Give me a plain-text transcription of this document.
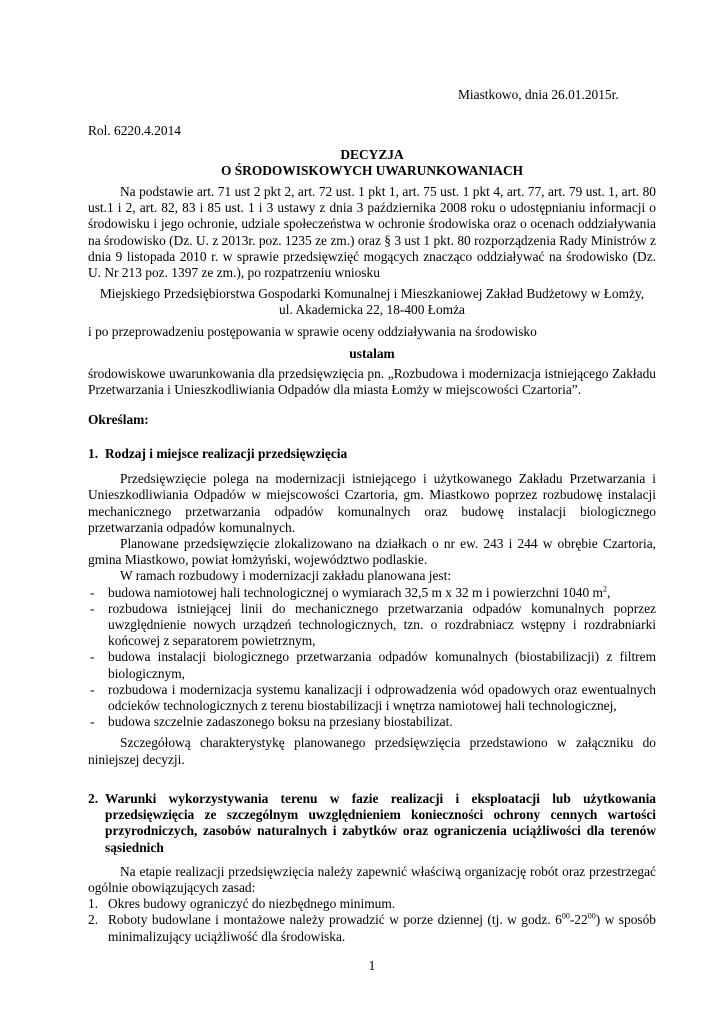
Miastkowo, dnia 26.01.2015r.

Rol. 6220.4.2014

DECYZJA

O ŚRODOWISKOWYCH UWARUNKOWANIACH

Na podstawie art. 71 ust 2 pkt 2, art. 72 ust. 1 pkt 1, art. 75 ust. 1 pkt 4, art. 77, art. 79 ust. 1, art. 80 ust.1 i 2, art. 82, 83 i 85 ust. 1 i 3 ustawy z dnia 3 października 2008 roku o udostępnianiu informacji o środowisku i jego ochronie, udziale społeczeństwa w ochronie środowiska oraz o ocenach oddziaływania na środowisko (Dz. U. z 2013r. poz. 1235 ze zm.) oraz § 3 ust 1 pkt. 80 rozporządzenia Rady Ministrów z dnia 9 listopada 2010 r. w sprawie przedsięwzięć mogących znacząco oddziaływać na środowisko (Dz. U. Nr 213 poz. 1397 ze zm.), po rozpatrzeniu wniosku

Miejskiego Przedsiębiorstwa Gospodarki Komunalnej i Mieszkaniowej Zakład Budżetowy w Łomży,

ul. Akademicka 22, 18-400 Łomża

i po przeprowadzeniu postępowania w sprawie oceny oddziaływania na środowisko

ustalam

środowiskowe uwarunkowania dla przedsięwzięcia pn. „Rozbudowa i modernizacja istniejącego Zakładu Przetwarzania i Unieszkodliwiania Odpadów dla miasta Łomży w miejscowości Czartoria”.

Określam:

1. Rodzaj i miejsce realizacji przedsięwzięcia

Przedsięwzięcie polega na modernizacji istniejącego i użytkowanego Zakładu Przetwarzania i Unieszkodliwiania Odpadów w miejscowości Czartoria, gm. Miastkowo poprzez rozbudowę instalacji mechanicznego przetwarzania odpadów komunalnych oraz budowę instalacji biologicznego przetwarzania odpadów komunalnych.

Planowane przedsięwzięcie zlokalizowano na działkach o nr ew. 243 i 244 w obrębie Czartoria, gmina Miastkowo, powiat łomżyński, województwo podlaskie.

W ramach rozbudowy i modernizacji zakładu planowana jest:

- budowa namiotowej hali technologicznej o wymiarach 32,5 m x 32 m i powierzchni 1040 $m^2$,
- rozbudowa istniejącej linii do mechanicznego przetwarzania odpadów komunalnych poprzez uwzględnienie nowych urządzeń technologicznych, tzn. o rozdrabniacz wstępny i rozdrabniarki końcowej z separatorem powietrznym,
- budowa instalacji biologicznego przetwarzania odpadów komunalnych (biostabilizacji) z filtrem biologicznym,
- rozbudowa i modernizacja systemu kanalizacji i odprowadzenia wód opadowych oraz ewentualnych odcieków technologicznych z terenu biostabilizacji i wnętrza namiotowej hali technologicznej,
- budowa szczelnie zadaszonego boksu na przesiany biostabilizat.

Szczegółową charakterystykę planowanego przedsięwzięcia przedstawiono w załączniku do niniejszej decyzji.

2. Warunki wykorzystywania terenu w fazie realizacji i eksploatacji lub użytkowania przedsięwzięcia ze szczególnym uwzględnieniem konieczności ochrony cennych wartości przyrodniczych, zasobów naturalnych i zabytków oraz ograniczenia uciążliwości dla terenów sąsiednich

Na etapie realizacji przedsięwzięcia należy zapewnić właściwą organizację robót oraz przestrzegać ogólnie obowiązujących zasad:

1. Okres budowy ograniczyć do niezbędnego minimum.
2. Roboty budowlane i montażowe należy prowadzić w porze dziennej (tj. w godz. $6^{00}-22^{00}$) w sposób minimalizujący uciążliwość dla środowiska.

1
